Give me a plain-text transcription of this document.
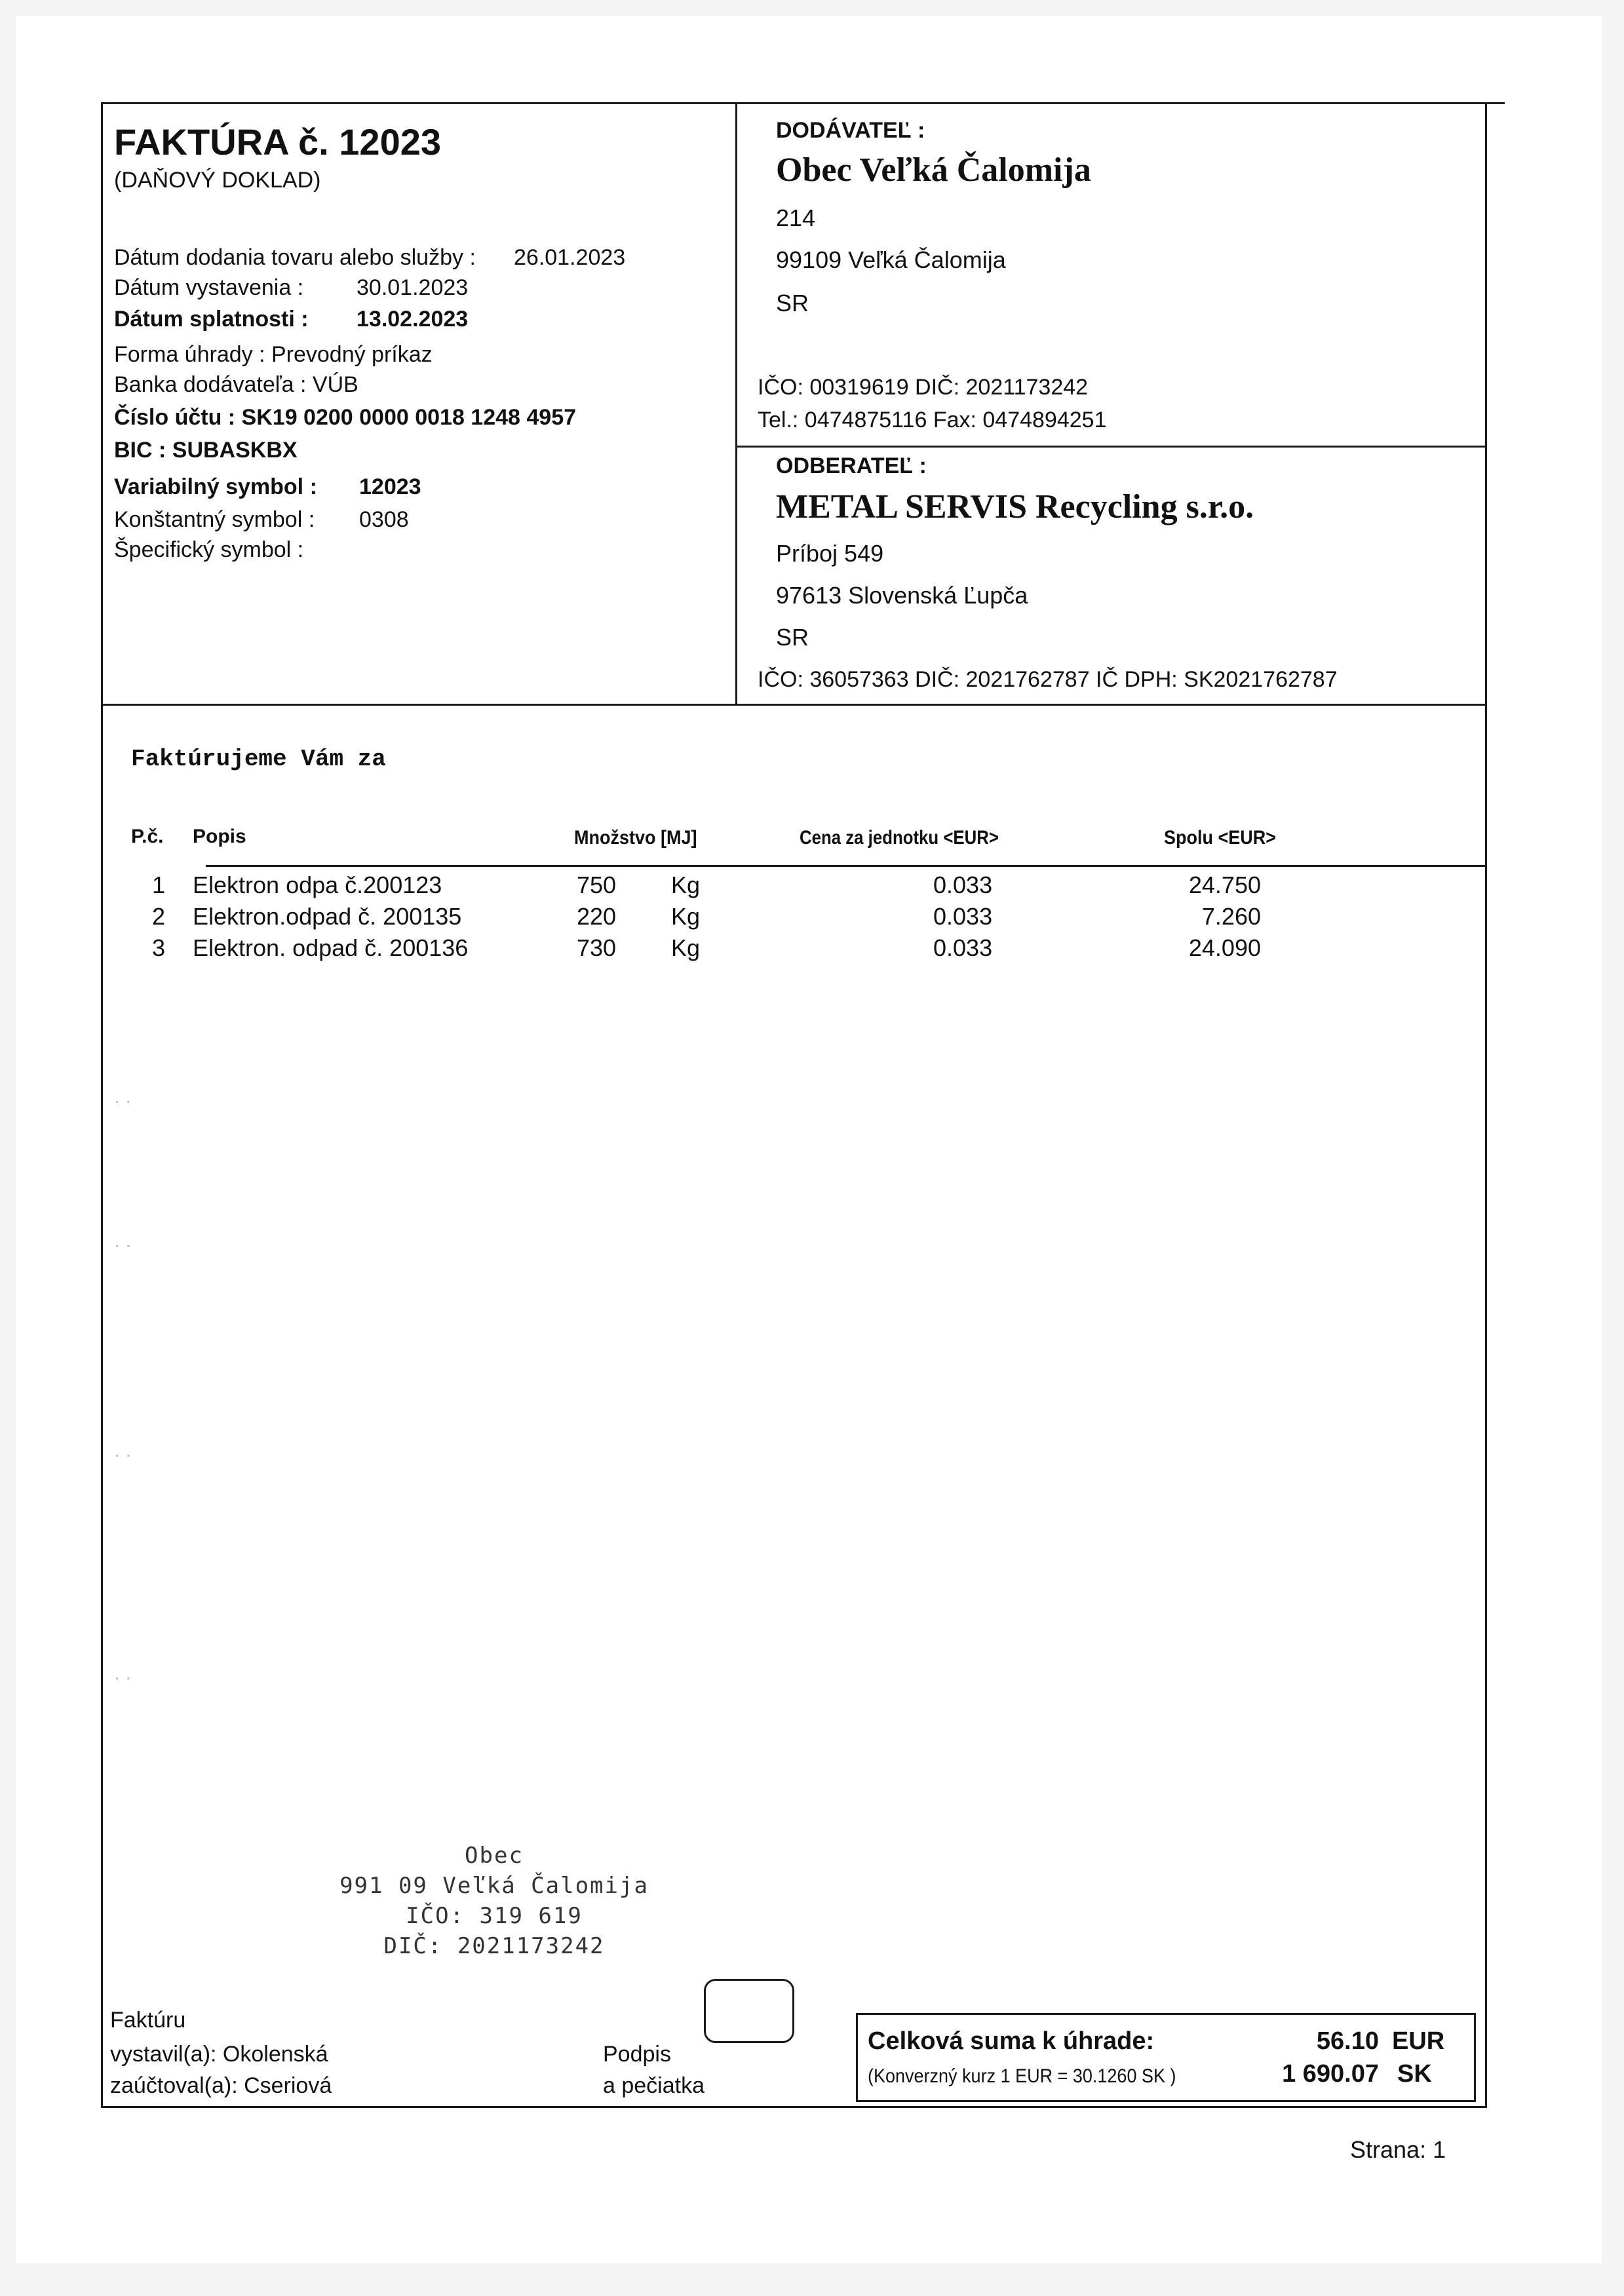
FAKTÚRA č. 12023
(DAŇOVÝ DOKLAD)
Dátum dodania tovaru alebo služby : 26.01.2023
Dátum vystavenia : 30.01.2023
Dátum splatnosti : 13.02.2023
Forma úhrady : Prevodný príkaz
Banka dodávateľa : VÚB
Číslo účtu : SK19 0200 0000 0018 1248 4957
BIC : SUBASKBX
Variabilný symbol : 12023
Konštantný symbol : 0308
Špecifický symbol :
DODÁVATEĽ :
Obec Veľká Čalomija
214
99109 Veľká Čalomija
SR
IČO: 00319619 DIČ: 2021173242
Tel.: 0474875116 Fax: 0474894251
ODBERATEĽ :
METAL SERVIS Recycling s.r.o.
Príboj 549
97613 Slovenská Ľupča
SR
IČO: 36057363 DIČ: 2021762787 IČ DPH: SK2021762787
Faktúrujeme Vám za
P.č. Popis	Množstvo [MJ]	Cena za jednotku <EUR>	Spolu <EUR>
1 Elektron odpa č.200123	750 Kg	0.033	24.750
2 Elektron.odpad č. 200135	220 Kg	0.033	7.260
3 Elektron. odpad č. 200136	730 Kg	0.033	24.090
· ·
· ·
· ·
· ·
Obec
991 09 Veľká Čalomija
IČO: 319 619
DIČ: 2021173242
Faktúru
vystavil(a): Okolenská
zaúčtoval(a): Cseriová
Podpis
a pečiatka
Celková suma k úhrade:	56.10 EUR
(Konverzný kurz 1 EUR = 30.1260 SK )	1 690.07 SK
Strana: 1
